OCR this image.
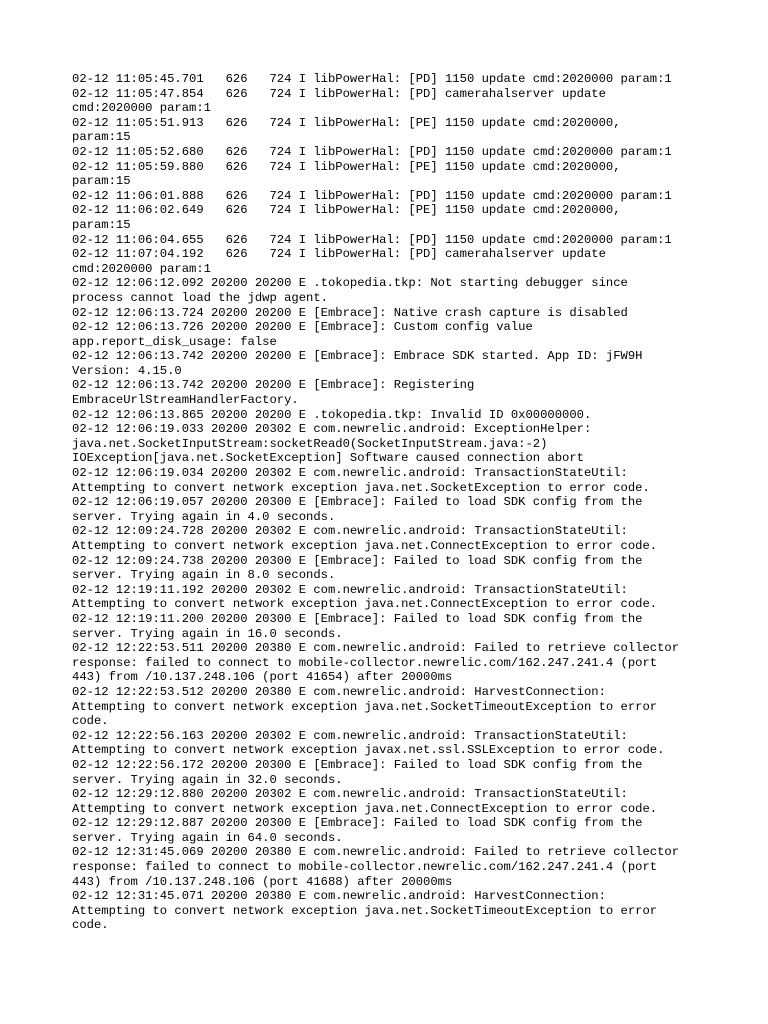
02-12 11:05:45.701   626   724 I libPowerHal: [PD] 1150 update cmd:2020000 param:1
02-12 11:05:47.854   626   724 I libPowerHal: [PD] camerahalserver update
cmd:2020000 param:1
02-12 11:05:51.913   626   724 I libPowerHal: [PE] 1150 update cmd:2020000,
param:15
02-12 11:05:52.680   626   724 I libPowerHal: [PD] 1150 update cmd:2020000 param:1
02-12 11:05:59.880   626   724 I libPowerHal: [PE] 1150 update cmd:2020000,
param:15
02-12 11:06:01.888   626   724 I libPowerHal: [PD] 1150 update cmd:2020000 param:1
02-12 11:06:02.649   626   724 I libPowerHal: [PE] 1150 update cmd:2020000,
param:15
02-12 11:06:04.655   626   724 I libPowerHal: [PD] 1150 update cmd:2020000 param:1
02-12 11:07:04.192   626   724 I libPowerHal: [PD] camerahalserver update
cmd:2020000 param:1
02-12 12:06:12.092 20200 20200 E .tokopedia.tkp: Not starting debugger since
process cannot load the jdwp agent.
02-12 12:06:13.724 20200 20200 E [Embrace]: Native crash capture is disabled
02-12 12:06:13.726 20200 20200 E [Embrace]: Custom config value
app.report_disk_usage: false
02-12 12:06:13.742 20200 20200 E [Embrace]: Embrace SDK started. App ID: jFW9H
Version: 4.15.0
02-12 12:06:13.742 20200 20200 E [Embrace]: Registering
EmbraceUrlStreamHandlerFactory.
02-12 12:06:13.865 20200 20200 E .tokopedia.tkp: Invalid ID 0x00000000.
02-12 12:06:19.033 20200 20302 E com.newrelic.android: ExceptionHelper:
java.net.SocketInputStream:socketRead0(SocketInputStream.java:-2)
IOException[java.net.SocketException] Software caused connection abort
02-12 12:06:19.034 20200 20302 E com.newrelic.android: TransactionStateUtil:
Attempting to convert network exception java.net.SocketException to error code.
02-12 12:06:19.057 20200 20300 E [Embrace]: Failed to load SDK config from the
server. Trying again in 4.0 seconds.
02-12 12:09:24.728 20200 20302 E com.newrelic.android: TransactionStateUtil:
Attempting to convert network exception java.net.ConnectException to error code.
02-12 12:09:24.738 20200 20300 E [Embrace]: Failed to load SDK config from the
server. Trying again in 8.0 seconds.
02-12 12:19:11.192 20200 20302 E com.newrelic.android: TransactionStateUtil:
Attempting to convert network exception java.net.ConnectException to error code.
02-12 12:19:11.200 20200 20300 E [Embrace]: Failed to load SDK config from the
server. Trying again in 16.0 seconds.
02-12 12:22:53.511 20200 20380 E com.newrelic.android: Failed to retrieve collector
response: failed to connect to mobile-collector.newrelic.com/162.247.241.4 (port
443) from /10.137.248.106 (port 41654) after 20000ms
02-12 12:22:53.512 20200 20380 E com.newrelic.android: HarvestConnection:
Attempting to convert network exception java.net.SocketTimeoutException to error
code.
02-12 12:22:56.163 20200 20302 E com.newrelic.android: TransactionStateUtil:
Attempting to convert network exception javax.net.ssl.SSLException to error code.
02-12 12:22:56.172 20200 20300 E [Embrace]: Failed to load SDK config from the
server. Trying again in 32.0 seconds.
02-12 12:29:12.880 20200 20302 E com.newrelic.android: TransactionStateUtil:
Attempting to convert network exception java.net.ConnectException to error code.
02-12 12:29:12.887 20200 20300 E [Embrace]: Failed to load SDK config from the
server. Trying again in 64.0 seconds.
02-12 12:31:45.069 20200 20380 E com.newrelic.android: Failed to retrieve collector
response: failed to connect to mobile-collector.newrelic.com/162.247.241.4 (port
443) from /10.137.248.106 (port 41688) after 20000ms
02-12 12:31:45.071 20200 20380 E com.newrelic.android: HarvestConnection:
Attempting to convert network exception java.net.SocketTimeoutException to error
code.
